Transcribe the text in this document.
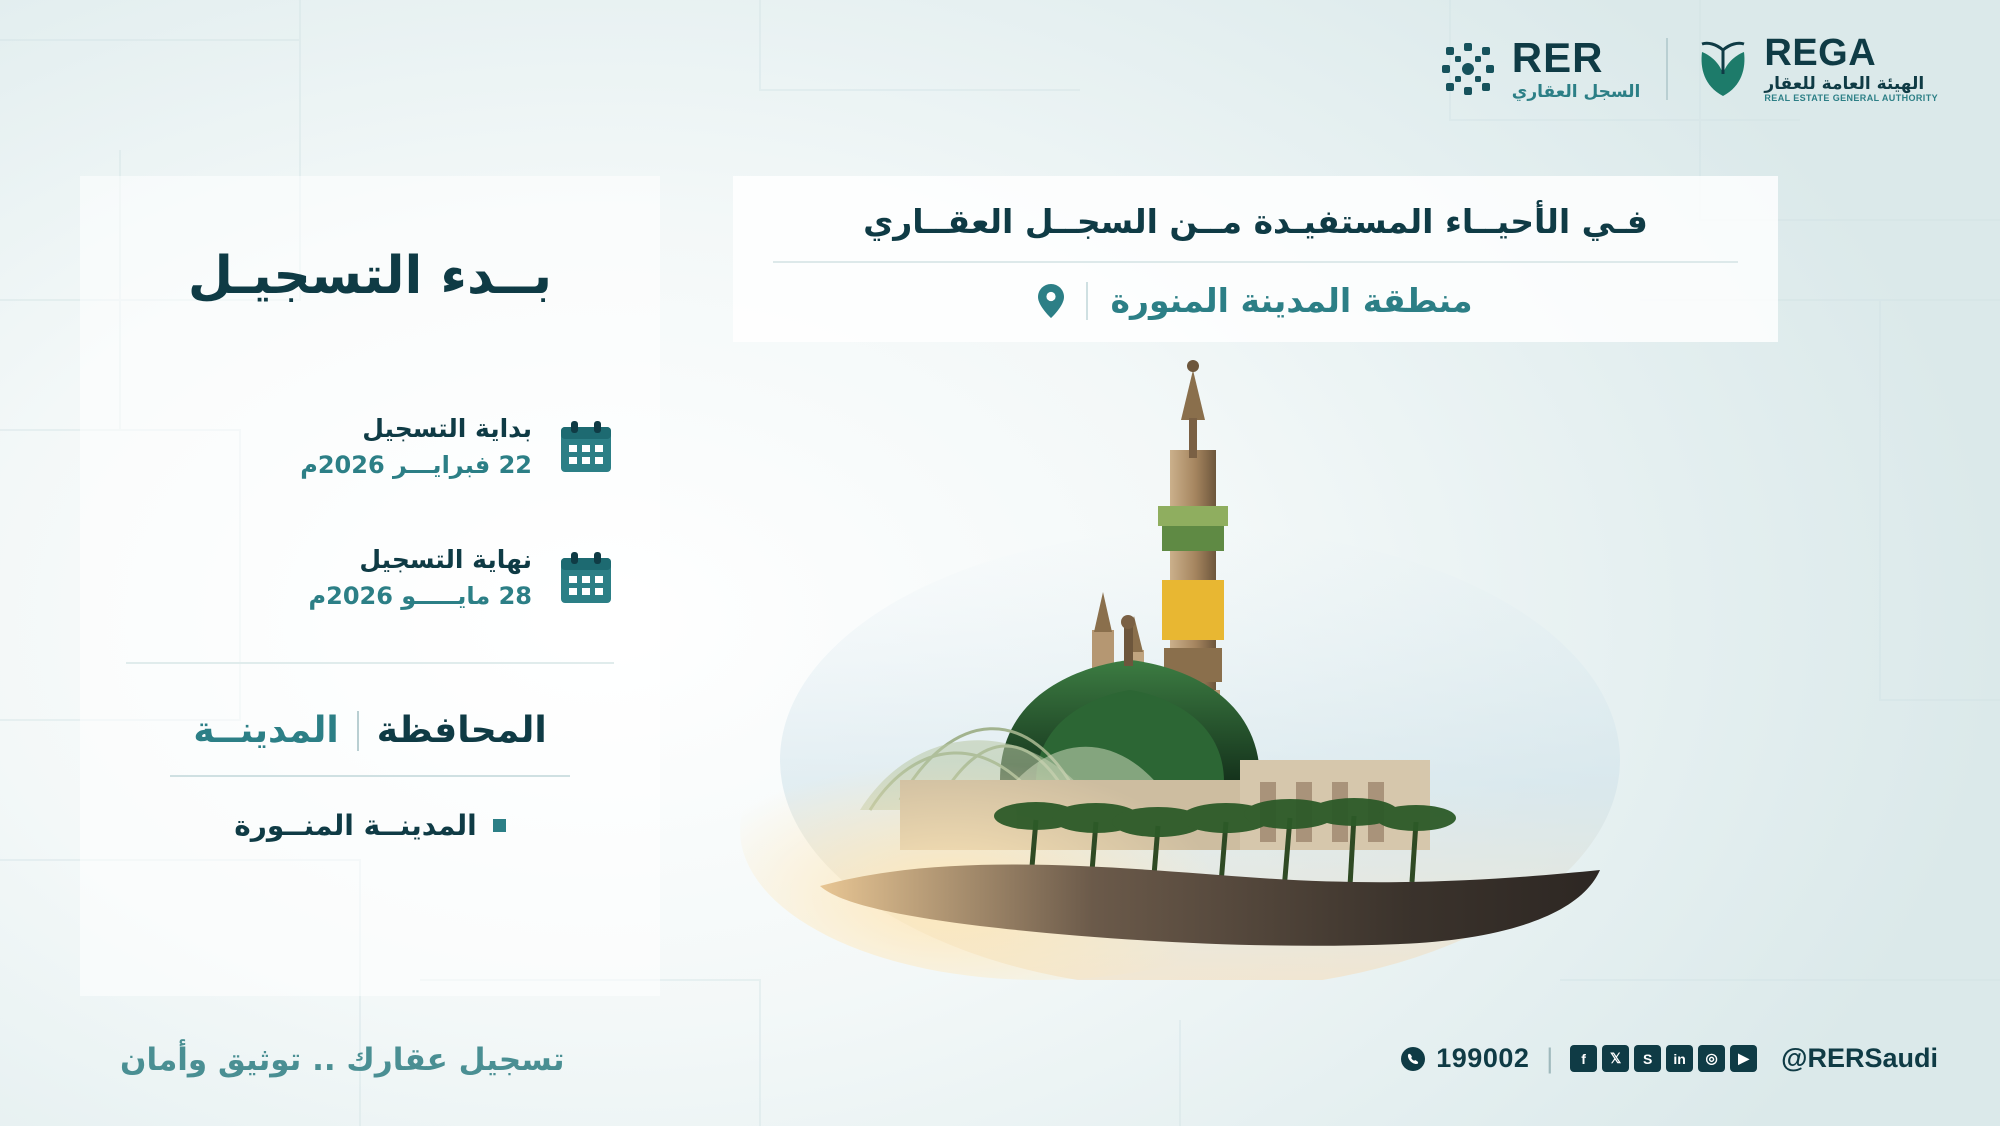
RER
السجل العقاري
REGA
الهيئة العامة للعقار
REAL ESTATE GENERAL AUTHORITY
فـي الأحيــاء المستفيـدة مــن السجــل العقــاري
منطقة المدينة المنورة
بــدء التسجيـل
بداية التسجيل
22 فبرايـــر 2026م
نهاية التسجيل
28 مايـــــو 2026م
المحافظة
المدينــة
المدينــة المنــورة
199002 |	f	𝕏	S	in	◎	▶	@RERSaudi
تسجيل عقارك .. توثيق وأمان
